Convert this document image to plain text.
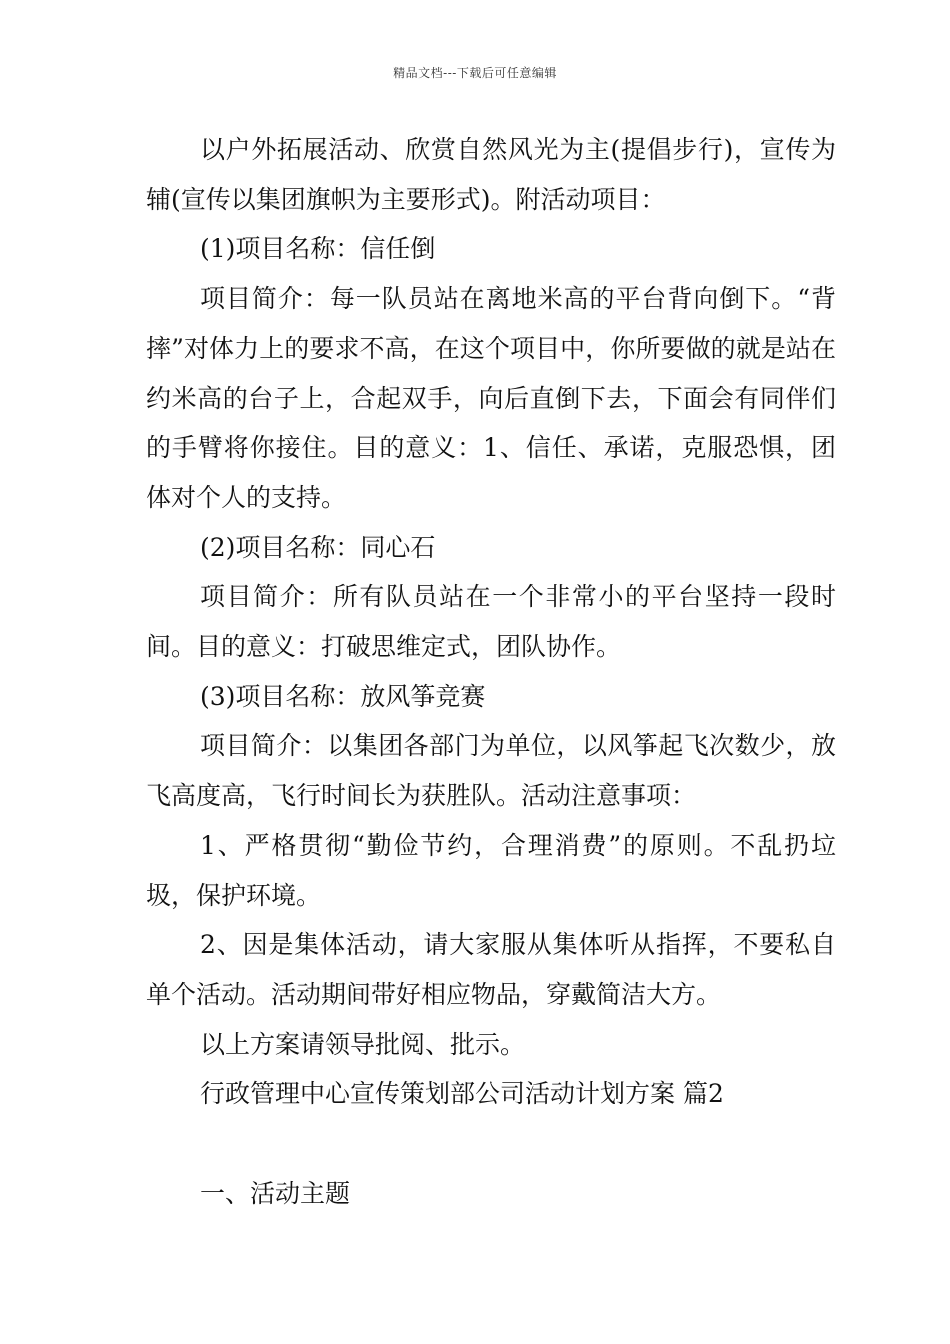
精品文档---下载后可任意编辑

以户外拓展活动、欣赏自然风光为主(提倡步行)，宣传为辅(宣传以集团旗帜为主要形式)。附活动项目：

(1)项目名称：信任倒

项目简介：每一队员站在离地米高的平台背向倒下。“背摔”对体力上的要求不高，在这个项目中，你所要做的就是站在约米高的台子上，合起双手，向后直倒下去，下面会有同伴们的手臂将你接住。目的意义：1、信任、承诺，克服恐惧，团体对个人的支持。

(2)项目名称：同心石

项目简介：所有队员站在一个非常小的平台坚持一段时间。目的意义：打破思维定式，团队协作。

(3)项目名称：放风筝竞赛

项目简介：以集团各部门为单位，以风筝起飞次数少，放飞高度高，飞行时间长为获胜队。活动注意事项：

1、严格贯彻“勤俭节约，合理消费”的原则。不乱扔垃圾，保护环境。

2、因是集体活动，请大家服从集体听从指挥，不要私自单个活动。活动期间带好相应物品，穿戴简洁大方。

以上方案请领导批阅、批示。

行政管理中心宣传策划部公司活动计划方案 篇2

一、活动主题
